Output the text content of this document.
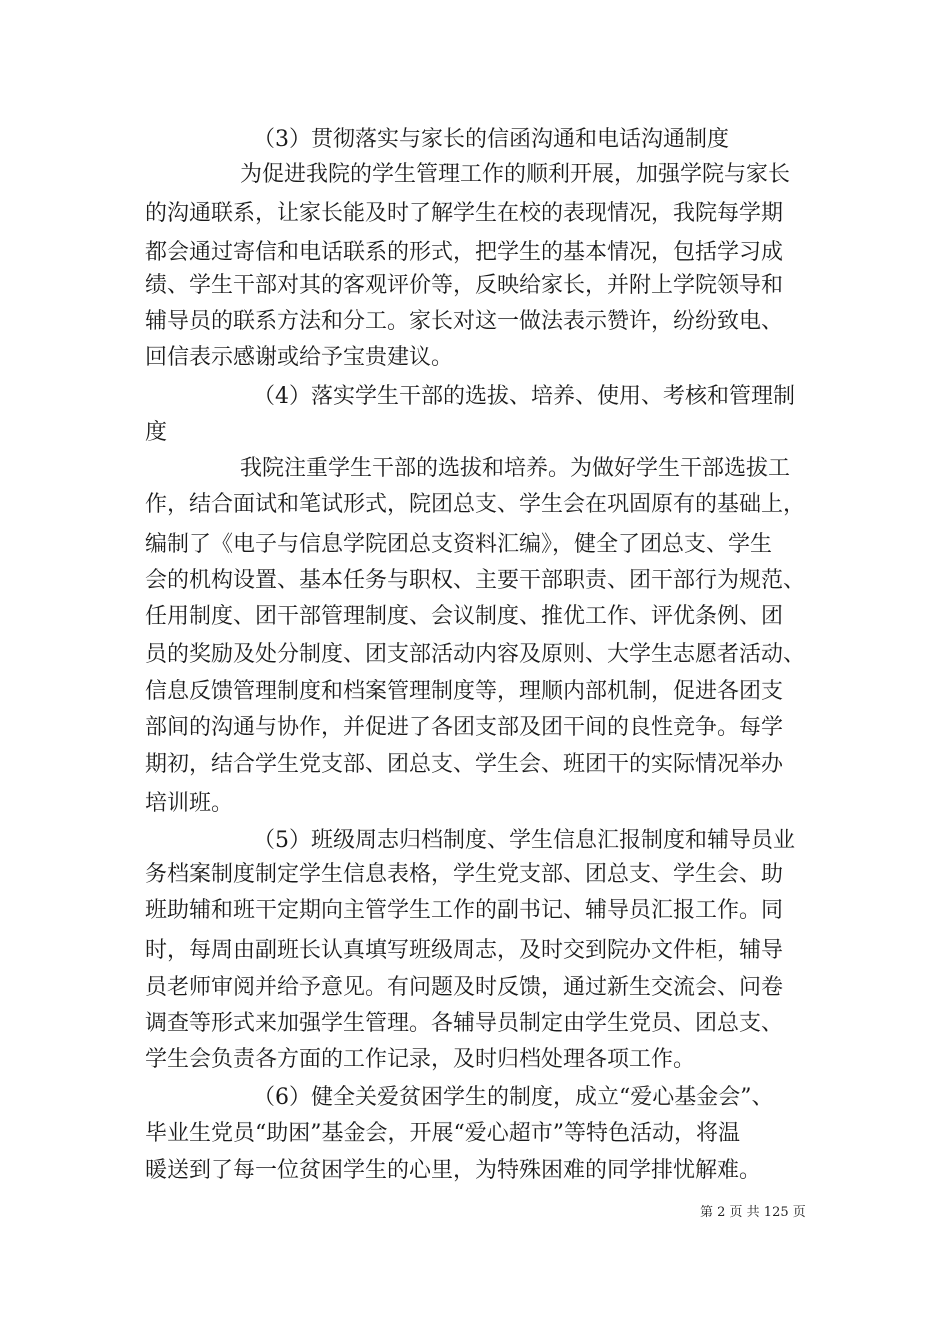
（3）贯彻落实与家长的信函沟通和电话沟通制度
为促进我院的学生管理工作的顺利开展，加强学院与家长
的沟通联系，让家长能及时了解学生在校的表现情况，我院每学期
都会通过寄信和电话联系的形式，把学生的基本情况，包括学习成
绩、学生干部对其的客观评价等，反映给家长，并附上学院领导和
辅导员的联系方法和分工。家长对这一做法表示赞许，纷纷致电、
回信表示感谢或给予宝贵建议。
（4）落实学生干部的选拔、培养、使用、考核和管理制
度
我院注重学生干部的选拔和培养。为做好学生干部选拔工
作，结合面试和笔试形式，院团总支、学生会在巩固原有的基础上，
编制了《电子与信息学院团总支资料汇编》，健全了团总支、学生
会的机构设置、基本任务与职权、主要干部职责、团干部行为规范、
任用制度、团干部管理制度、会议制度、推优工作、评优条例、团
员的奖励及处分制度、团支部活动内容及原则、大学生志愿者活动、
信息反馈管理制度和档案管理制度等，理顺内部机制，促进各团支
部间的沟通与协作，并促进了各团支部及团干间的良性竞争。每学
期初，结合学生党支部、团总支、学生会、班团干的实际情况举办
培训班。
（5）班级周志归档制度、学生信息汇报制度和辅导员业
务档案制度制定学生信息表格，学生党支部、团总支、学生会、助
班助辅和班干定期向主管学生工作的副书记、辅导员汇报工作。同
时，每周由副班长认真填写班级周志，及时交到院办文件柜，辅导
员老师审阅并给予意见。有问题及时反馈，通过新生交流会、问卷
调查等形式来加强学生管理。各辅导员制定由学生党员、团总支、
学生会负责各方面的工作记录，及时归档处理各项工作。
（6）健全关爱贫困学生的制度，成立“爱心基金会”、
毕业生党员“助困”基金会，开展“爱心超市”等特色活动，将温
暖送到了每一位贫困学生的心里，为特殊困难的同学排忧解难。
第 2 页 共 125 页
